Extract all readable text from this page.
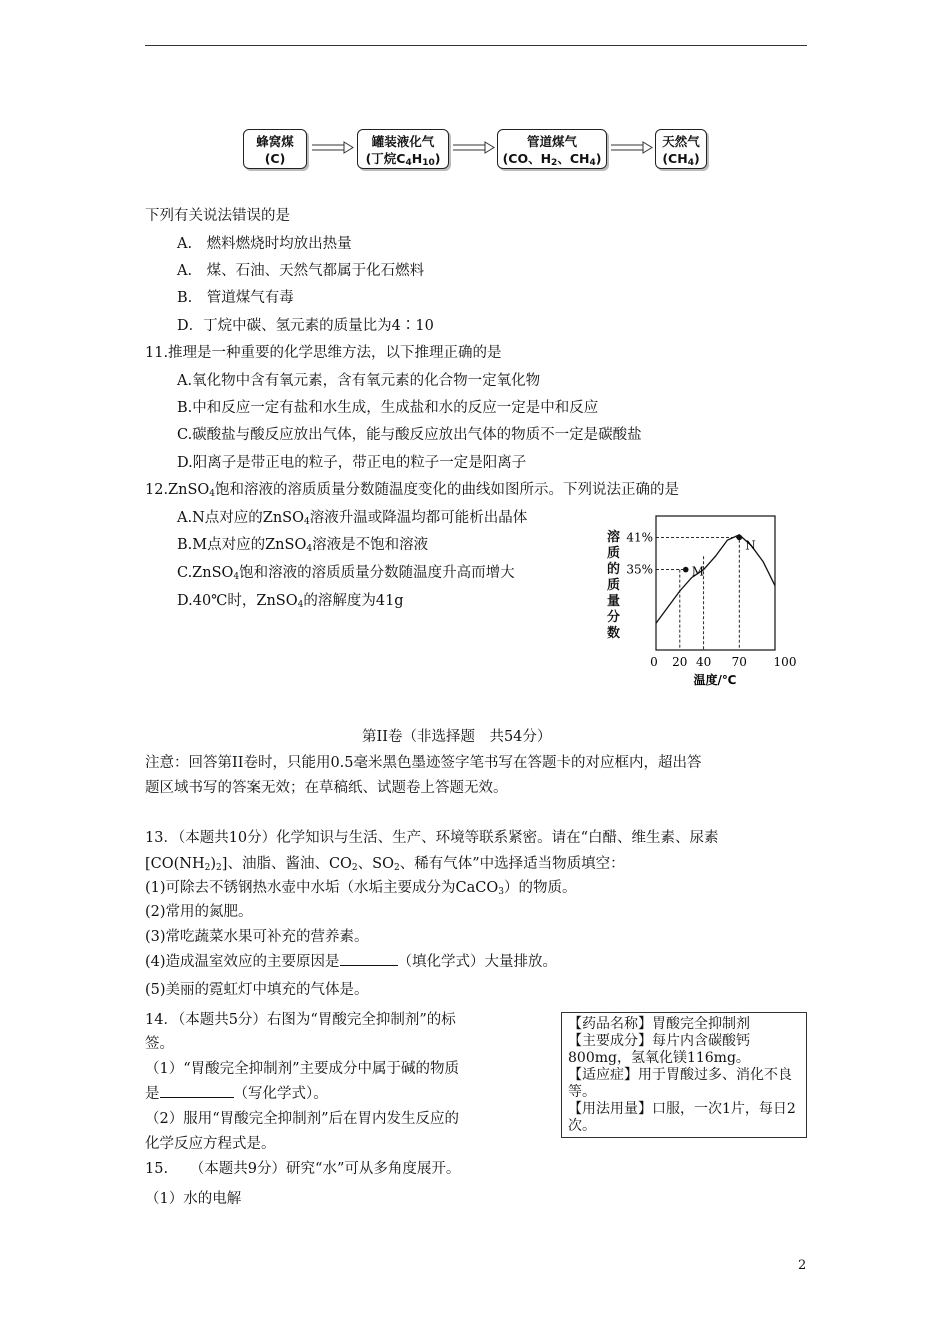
蜂窝煤
(C)
罐装液化气
(丁烷$C_4H_{10}$)
管道煤气
(CO、$H_2$、$CH_4$)
天然气
$(CH_4)$
下列有关说法错误的是
A.　燃料燃烧时均放出热量
A.　煤、石油、天然气都属于化石燃料
B.　管道煤气有毒
D．丁烷中碳、氢元素的质量比为4∶10
11.推理是一种重要的化学思维方法，以下推理正确的是
A.氧化物中含有氧元素，含有氧元素的化合物一定氧化物
B.中和反应一定有盐和水生成，生成盐和水的反应一定是中和反应
C.碳酸盐与酸反应放出气体，能与酸反应放出气体的物质不一定是碳酸盐
D.阳离子是带正电的粒子，带正电的粒子一定是阳离子
12.ZnSO$_4$饱和溶液的溶质质量分数随温度变化的曲线如图所示。下列说法正确的是
A.N点对应的ZnSO$_4$溶液升温或降温均都可能析出晶体
B.M点对应的ZnSO$_4$溶液是不饱和溶液
C.ZnSO$_4$饱和溶液的溶质质量分数随温度升高而增大
D.40℃时，ZnSO$_4$的溶解度为41g
溶质的质量分数
M
N
35%
41%
0 20 40 70 100
温度/℃
第II卷（非选择题　共54分）
注意：回答第II卷时，只能用0.5毫米黑色墨迹签字笔书写在答题卡的对应框内，超出答
题区域书写的答案无效；在草稿纸、试题卷上答题无效。
13．（本题共10分）化学知识与生活、生产、环境等联系紧密。请在“白醋、维生素、尿素
$[CO(NH_2)_2]$、油脂、酱油、$CO_2$、$SO_2$、稀有气体”中选择适当物质填空：
(1)可除去不锈钢热水壶中水垢（水垢主要成分为CaCO$_3$）的物质。
(2)常用的氮肥。
(3)常吃蔬菜水果可补充的营养素。
(4)造成温室效应的主要原因是	（填化学式）大量排放。
(5)美丽的霓虹灯中填充的气体是。
14．（本题共5分）右图为“胃酸完全抑制剂”的标
签。
（1）“胃酸完全抑制剂”主要成分中属于碱的物质
是	（写化学式）。
（2）服用“胃酸完全抑制剂”后在胃内发生反应的
化学反应方程式是。
【药品名称】胃酸完全抑制剂
【主要成分】每片内含碳酸钙800mg，氢氧化镁116mg。
【适应症】用于胃酸过多、消化不良等。
【用法用量】口服，一次1片，每日2次。
15.　　（本题共9分）研究“水”可从多角度展开。
（1）水的电解
2
